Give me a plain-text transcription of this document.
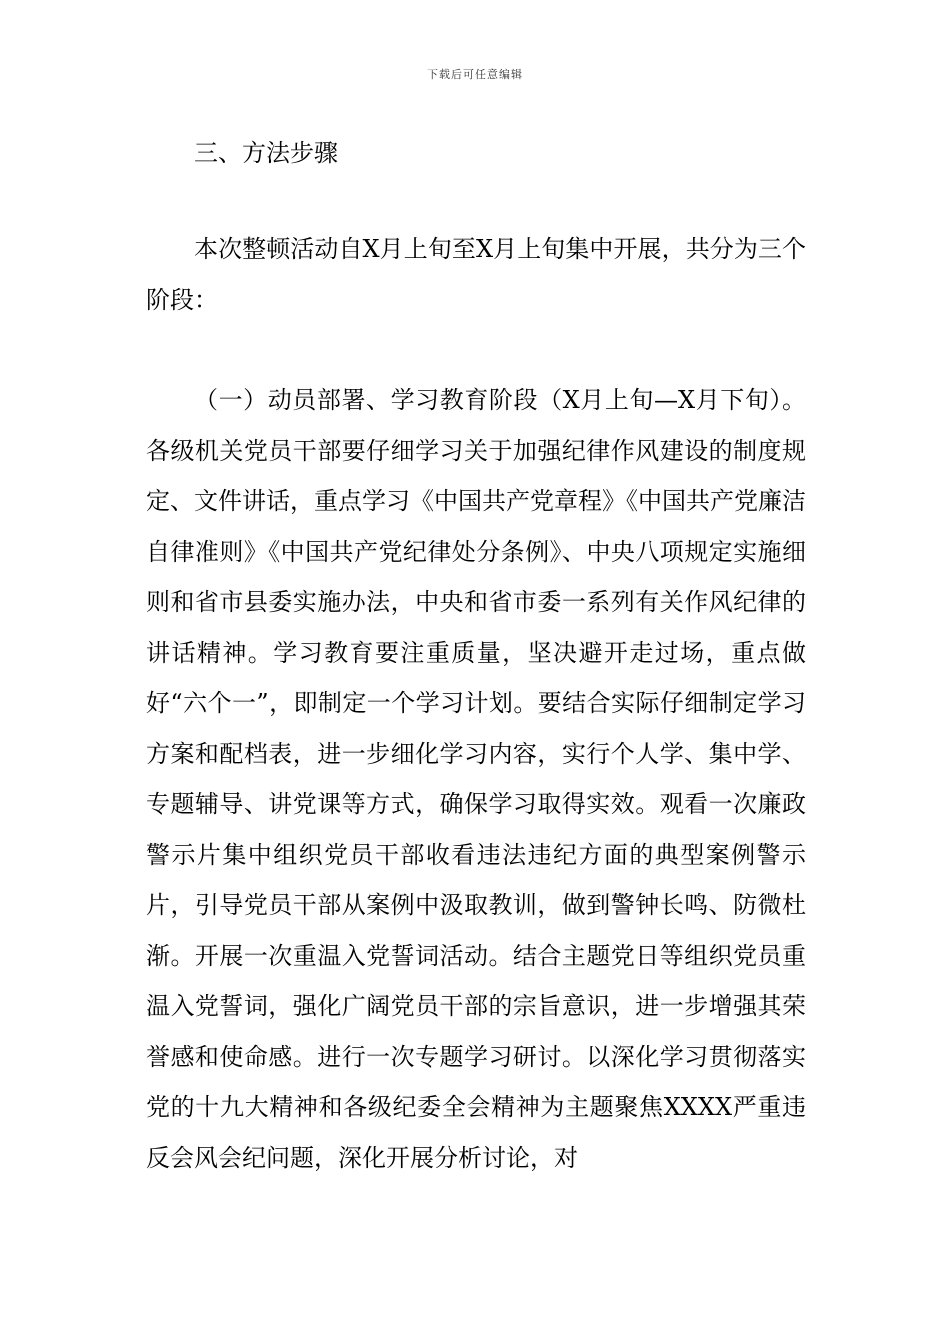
下载后可任意编辑
三、方法步骤

本次整顿活动自X月上旬至X月上旬集中开展，共分为三个阶段：

（一）动员部署、学习教育阶段（X月上旬—X月下旬）。各级机关党员干部要仔细学习关于加强纪律作风建设的制度规定、文件讲话，重点学习《中国共产党章程》《中国共产党廉洁自律准则》《中国共产党纪律处分条例》、中央八项规定实施细则和省市县委实施办法，中央和省市委一系列有关作风纪律的讲话精神。学习教育要注重质量，坚决避开走过场，重点做好“六个一”，即制定一个学习计划。要结合实际仔细制定学习方案和配档表，进一步细化学习内容，实行个人学、集中学、专题辅导、讲党课等方式，确保学习取得实效。观看一次廉政警示片集中组织党员干部收看违法违纪方面的典型案例警示片，引导党员干部从案例中汲取教训，做到警钟长鸣、防微杜渐。开展一次重温入党誓词活动。结合主题党日等组织党员重温入党誓词，强化广阔党员干部的宗旨意识，进一步增强其荣誉感和使命感。进行一次专题学习研讨。以深化学习贯彻落实党的十九大精神和各级纪委全会精神为主题聚焦XXXX严重违反会风会纪问题，深化开展分析讨论，对
